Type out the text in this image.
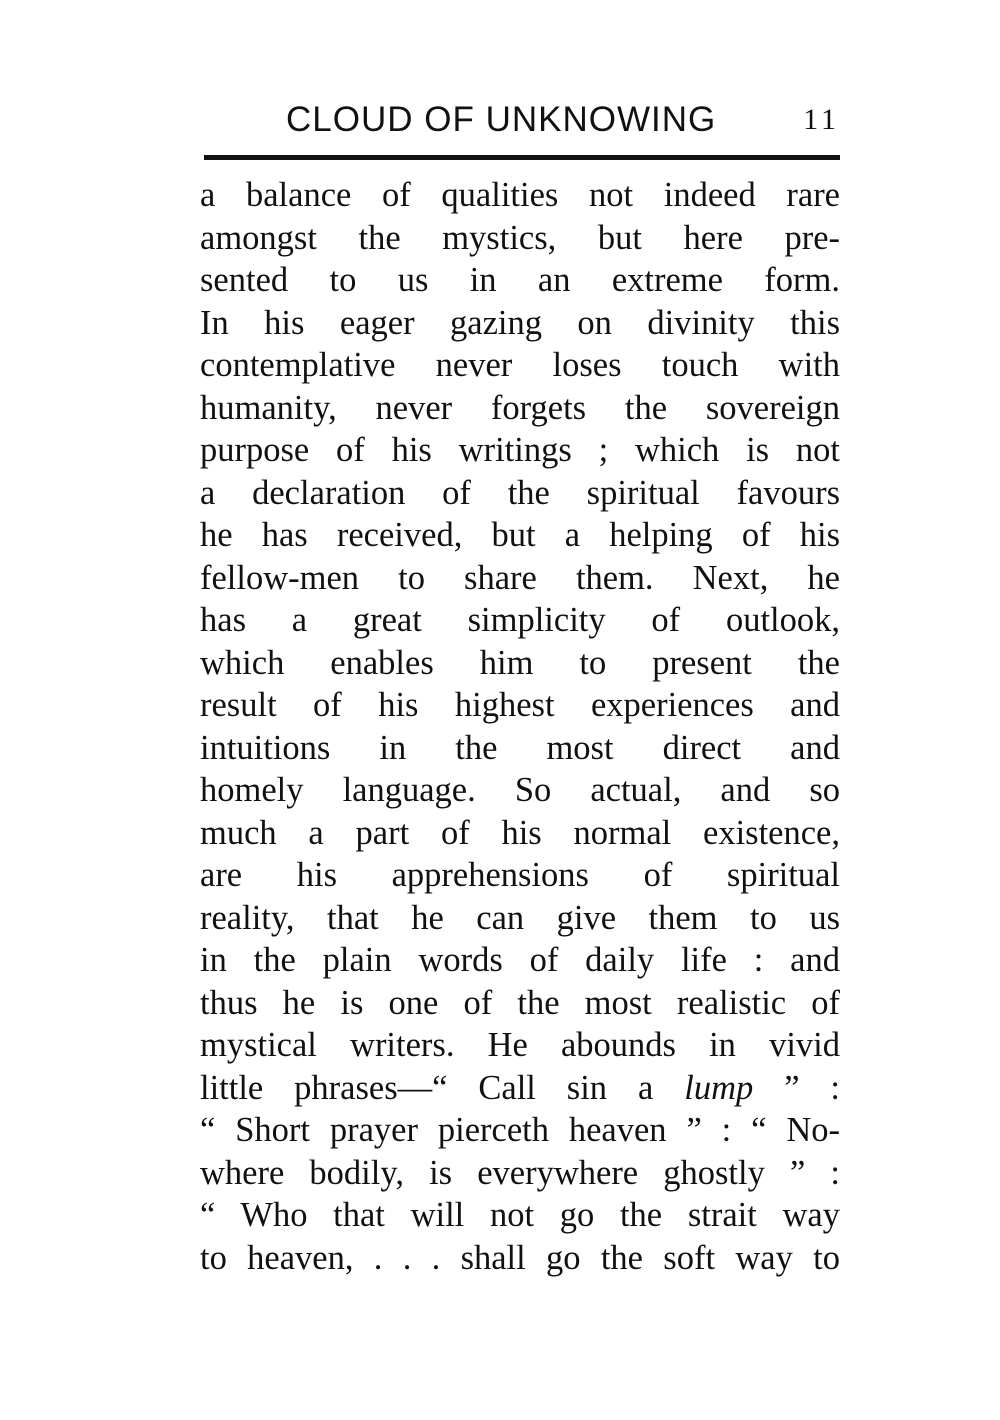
CLOUD OF UNKNOWING	11
a balance of qualities not indeed rare
amongst the mystics, but here pre-
sented to us in an extreme form.
In his eager gazing on divinity this
contemplative never loses touch with
humanity, never forgets the sovereign
purpose of his writings ; which is not
a declaration of the spiritual favours
he has received, but a helping of his
fellow-men to share them. Next, he
has a great simplicity of outlook,
which enables him to present the
result of his highest experiences and
intuitions in the most direct and
homely language. So actual, and so
much a part of his normal existence,
are his apprehensions of spiritual
reality, that he can give them to us
in the plain words of daily life : and
thus he is one of the most realistic of
mystical writers. He abounds in vivid
little phrases—“ Call sin a lump ” :
“ Short prayer pierceth heaven ” : “ No-
where bodily, is everywhere ghostly ” :
“ Who that will not go the strait way
to heaven, . . . shall go the soft way to
